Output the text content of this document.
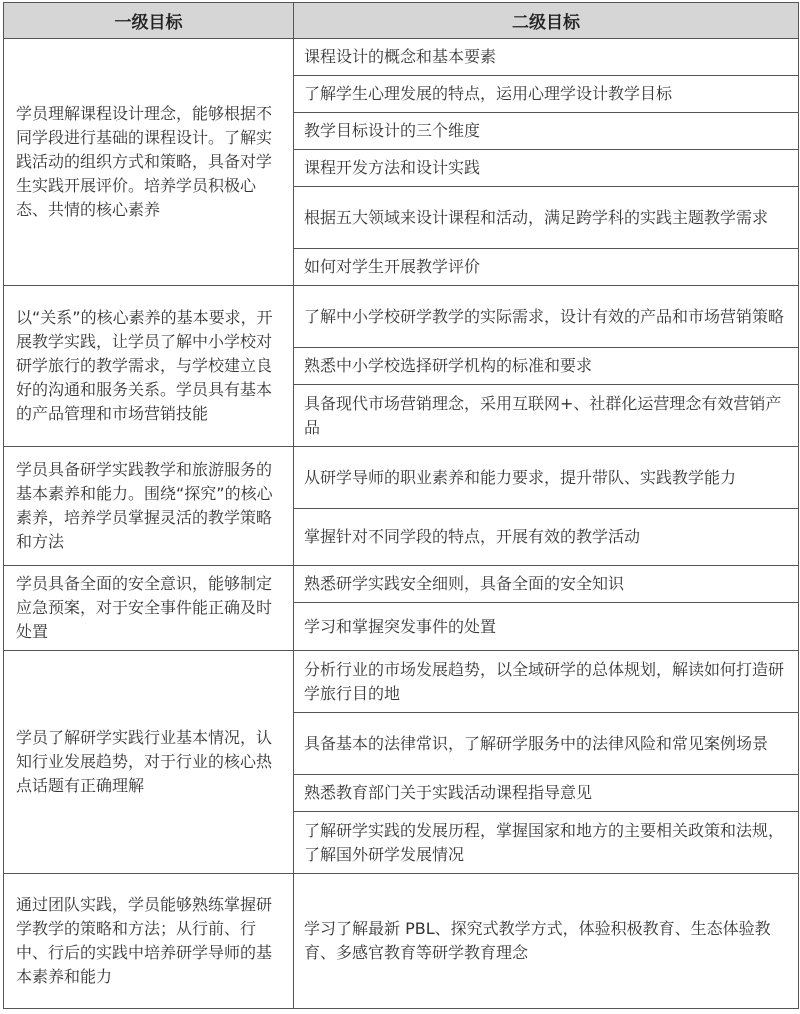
一级目标	二级目标
学员理解课程设计理念，能够根据不同学段进行基础的课程设计。了解实践活动的组织方式和策略，具备对学生实践开展评价。培养学员积极心态、共情的核心素养	课程设计的概念和基本要素
	了解学生心理发展的特点，运用心理学设计教学目标
	教学目标设计的三个维度
	课程开发方法和设计实践
	根据五大领域来设计课程和活动，满足跨学科的实践主题教学需求
	如何对学生开展教学评价
以“关系”的核心素养的基本要求，开展教学实践，让学员了解中小学校对研学旅行的教学需求，与学校建立良好的沟通和服务关系。学员具有基本的产品管理和市场营销技能	了解中小学校研学教学的实际需求，设计有效的产品和市场营销策略
	熟悉中小学校选择研学机构的标准和要求
	具备现代市场营销理念，采用互联网+、社群化运营理念有效营销产品
学员具备研学实践教学和旅游服务的基本素养和能力。围绕“探究”的核心素养，培养学员掌握灵活的教学策略和方法	从研学导师的职业素养和能力要求，提升带队、实践教学能力
	掌握针对不同学段的特点，开展有效的教学活动
学员具备全面的安全意识，能够制定应急预案，对于安全事件能正确及时处置	熟悉研学实践安全细则，具备全面的安全知识
	学习和掌握突发事件的处置
学员了解研学实践行业基本情况，认知行业发展趋势，对于行业的核心热点话题有正确理解	分析行业的市场发展趋势，以全域研学的总体规划，解读如何打造研学旅行目的地
	具备基本的法律常识，了解研学服务中的法律风险和常见案例场景
	熟悉教育部门关于实践活动课程指导意见
	了解研学实践的发展历程，掌握国家和地方的主要相关政策和法规，了解国外研学发展情况
通过团队实践，学员能够熟练掌握研学教学的策略和方法；从行前、行中、行后的实践中培养研学导师的基本素养和能力	学习了解最新 PBL、探究式教学方式，体验积极教育、生态体验教育、多感官教育等研学教育理念
